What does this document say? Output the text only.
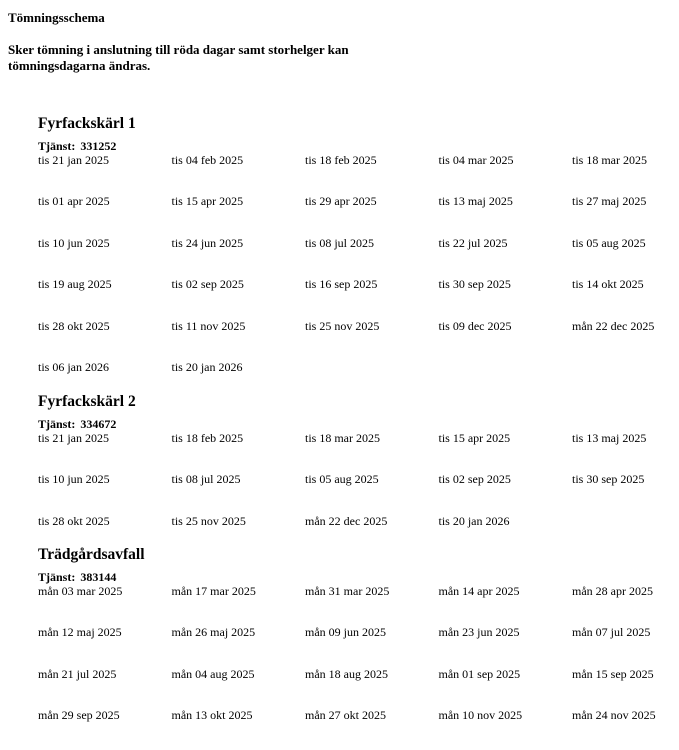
Tömningsschema
Sker tömning i anslutning till röda dagar samt storhelger kan tömningsdagarna ändras.
Fyrfackskärl 1
Tjänst: 331252
tis 21 jan 2025	tis 04 feb 2025	tis 18 feb 2025	tis 04 mar 2025	tis 18 mar 2025
tis 01 apr 2025	tis 15 apr 2025	tis 29 apr 2025	tis 13 maj 2025	tis 27 maj 2025
tis 10 jun 2025	tis 24 jun 2025	tis 08 jul 2025	tis 22 jul 2025	tis 05 aug 2025
tis 19 aug 2025	tis 02 sep 2025	tis 16 sep 2025	tis 30 sep 2025	tis 14 okt 2025
tis 28 okt 2025	tis 11 nov 2025	tis 25 nov 2025	tis 09 dec 2025	mån 22 dec 2025
tis 06 jan 2026	tis 20 jan 2026
Fyrfackskärl 2
Tjänst: 334672
tis 21 jan 2025	tis 18 feb 2025	tis 18 mar 2025	tis 15 apr 2025	tis 13 maj 2025
tis 10 jun 2025	tis 08 jul 2025	tis 05 aug 2025	tis 02 sep 2025	tis 30 sep 2025
tis 28 okt 2025	tis 25 nov 2025	mån 22 dec 2025	tis 20 jan 2026
Trädgårdsavfall
Tjänst: 383144
mån 03 mar 2025	mån 17 mar 2025	mån 31 mar 2025	mån 14 apr 2025	mån 28 apr 2025
mån 12 maj 2025	mån 26 maj 2025	mån 09 jun 2025	mån 23 jun 2025	mån 07 jul 2025
mån 21 jul 2025	mån 04 aug 2025	mån 18 aug 2025	mån 01 sep 2025	mån 15 sep 2025
mån 29 sep 2025	mån 13 okt 2025	mån 27 okt 2025	mån 10 nov 2025	mån 24 nov 2025
